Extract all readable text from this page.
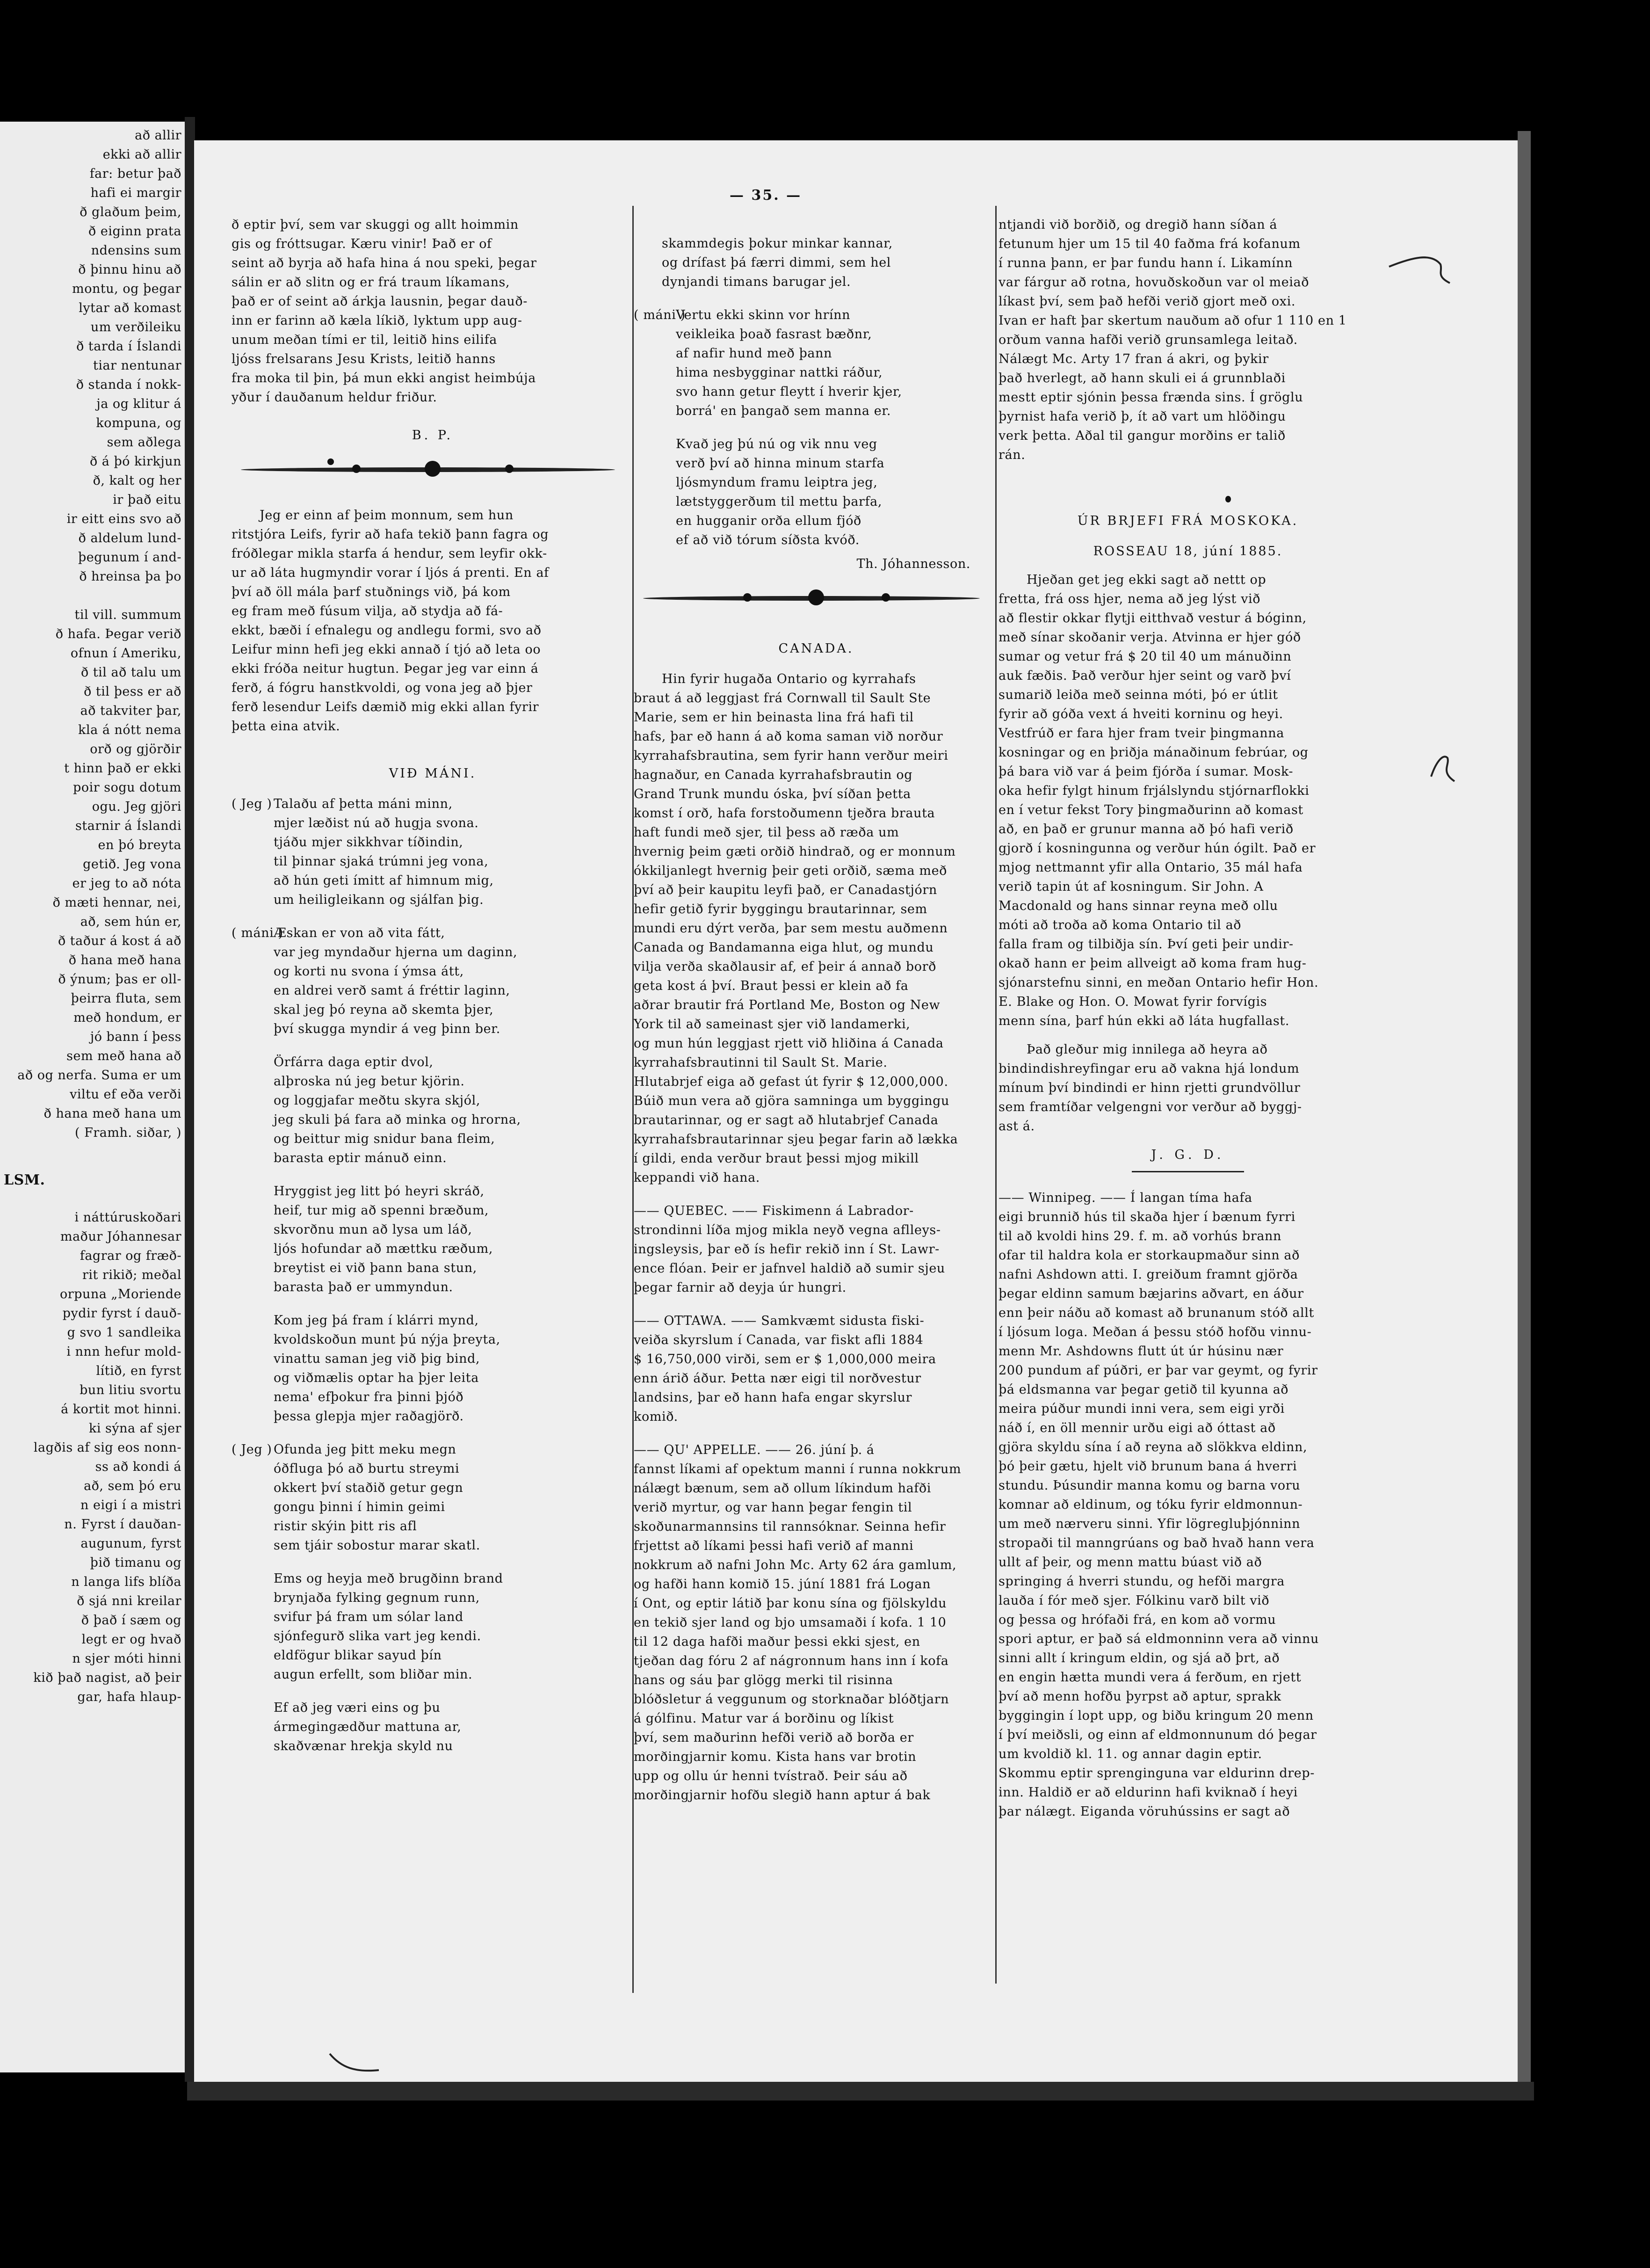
að allir
ekki að allir
far: betur það
hafi ei margir
ð glaðum þeim,
ð eiginn prata
ndensins sum
ð þinnu hinu að
montu, og þegar
lytar að komast
um verðileiku
ð tarda í Íslandi
tiar nentunar
ð standa í nokk-
ja og klitur á
kompuna, og
sem aðlega
ð á þó kirkjun
ð, kalt og her
ir það eitu
ir eitt eins svo að
ð aldelum lund-
þegunum í and-
ð hreinsa þa þo
til vill. summum
ð hafa. Þegar verið
ofnun í Ameriku,
ð til að talu um
ð til þess er að
að takviter þar,
kla á nótt nema
orð og gjörðir
t hinn það er ekki
poir sogu dotum
ogu. Jeg gjöri
starnir á Íslandi
en þó breyta
getið. Jeg vona
er jeg to að nóta
ð mæti hennar, nei,
að, sem hún er,
ð taður á kost á að
ð hana með hana
ð ýnum; þas er oll-
þeirra fluta, sem
með hondum, er
jó bann í þess
sem með hana að
að og nerfa. Suma er um
viltu ef eða verði
ð hana með hana um
( Framh. siðar, )
LSM.
i náttúruskoðari
maður Jóhannesar
fagrar og fræð-
rit rikið; meðal
orpuna „Moriende
pydir fyrst í dauð-
g svo 1 sandleika
i nnn hefur mold-
lítið, en fyrst
bun litiu svortu
á kortit mot hinni.
ki sýna af sjer
lagðis af sig eos nonn-
ss að kondi á
að, sem þó eru
n eigi í a mistri
n. Fyrst í dauðan-
augunum, fyrst
þið timanu og
n langa lifs blíða
ð sjá nni kreilar
ð það í sæm og
legt er og hvað
n sjer móti hinni
kið það nagist, að þeir
gar, hafa hlaup-
— 35. —
ð eptir því, sem var skuggi og allt hoimmin
gis og fróttsugar. Kæru vinir! Það er of
seint að byrja að hafa hina á nou speki, þegar
sálin er að slitn og er frá traum líkamans,
það er of seint að árkja lausnin, þegar dauð-
inn er farinn að kæla líkið, lyktum upp aug-
unum meðan tími er til, leitið hins eilifa
ljóss frelsarans Jesu Krists, leitið hanns
fra moka til þin, þá mun ekki angist heimbúja
yður í dauðanum heldur friður.
B. P.
Jeg er einn af þeim monnum, sem hun
ritstjóra Leifs, fyrir að hafa tekið þann fagra og
fróðlegar mikla starfa á hendur, sem leyfir okk-
ur að láta hugmyndir vorar í ljós á prenti. En af
því að öll mála þarf stuðnings við, þá kom
eg fram með fúsum vilja, að stydja að fá-
ekkt, bæði í efnalegu og andlegu formi, svo að
Leifur minn hefi jeg ekki annað í tjó að leta oo
ekki fróða neitur hugtun. Þegar jeg var einn á
ferð, á fógru hanstkvoldi, og vona jeg að þjer
ferð lesendur Leifs dæmið mig ekki allan fyrir
þetta eina atvik.
VIÐ MÁNI.
( Jeg ) Talaðu af þetta máni minn,
mjer læðist nú að hugja svona.
tjáðu mjer sikkhvar tíðindin,
til þinnar sjaká trúmni jeg vona,
að hún geti ímitt af himnum mig,
um heiligleikann og sjálfan þig.
( máni )Æskan er von að vita fátt,
var jeg myndaður hjerna um daginn,
og korti nu svona í ýmsa átt,
en aldrei verð samt á fréttir laginn,
skal jeg þó reyna að skemta þjer,
því skugga myndir á veg þinn ber.
Örfárra daga eptir dvol,
alþroska nú jeg betur kjörin.
og loggjafar meðtu skyra skjól,
jeg skuli þá fara að minka og hrorna,
og beittur mig snidur bana fleim,
barasta eptir mánuð einn.
Hryggist jeg litt þó heyri skráð,
heif, tur mig að spenni bræðum,
skvorðnu mun að lysa um láð,
ljós hofundar að mættku ræðum,
breytist ei við þann bana stun,
barasta það er ummyndun.
Kom jeg þá fram í klárri mynd,
kvoldskoðun munt þú nýja þreyta,
vinattu saman jeg við þig bind,
og viðmælis optar ha þjer leita
nema' efþokur fra þinni þjóð
þessa glepja mjer raðagjörð.
( Jeg ) Ofunda jeg þitt meku megn
óðfluga þó að burtu streymi
okkert því staðið getur gegn
gongu þinni í himin geimi
ristir skýin þitt ris afl
sem tjáir sobostur marar skatl.
Ems og heyja með brugðinn brand
brynjaða fylking gegnum runn,
svifur þá fram um sólar land
sjónfegurð slika vart jeg kendi.
eldfögur blikar sayud þín
augun erfellt, som bliðar min.
Ef að jeg væri eins og þu
ármegingædður mattuna ar,
skaðvænar hrekja skyld nu
skammdegis þokur minkar kannar,
og drífast þá færri dimmi, sem hel
dynjandi timans barugar jel.
( máni )Vertu ekki skinn vor hrínn
veikleika þoað fasrast bæðnr,
af nafir hund með þann
hima nesbygginar nattki ráður,
svo hann getur fleytt í hverir kjer,
borrá' en þangað sem manna er.
Kvað jeg þú nú og vik nnu veg
verð því að hinna minum starfa
ljósmyndum framu leiptra jeg,
lætstyggerðum til mettu þarfa,
en hugganir orða ellum fjóð
ef að við tórum síðsta kvóð.
Th. Jóhannesson.
CANADA.
Hin fyrir hugaða Ontario og kyrrahafs
braut á að leggjast frá Cornwall til Sault Ste
Marie, sem er hin beinasta lina frá hafi til
hafs, þar eð hann á að koma saman við norður
kyrrahafsbrautina, sem fyrir hann verður meiri
hagnaður, en Canada kyrrahafsbrautin og
Grand Trunk mundu óska, því síðan þetta
komst í orð, hafa forstoðumenn tjeðra brauta
haft fundi með sjer, til þess að ræða um
hvernig þeim gæti orðið hindrað, og er monnum
ókkiljanlegt hvernig þeir geti orðið, sæma með
því að þeir kaupitu leyfi það, er Canadastjórn
hefir getið fyrir byggingu brautarinnar, sem
mundi eru dýrt verða, þar sem mestu auðmenn
Canada og Bandamanna eiga hlut, og mundu
vilja verða skaðlausir af, ef þeir á annað borð
geta kost á því. Braut þessi er klein að fa
aðrar brautir frá Portland Me, Boston og New
York til að sameinast sjer við landamerki,
og mun hún leggjast rjett við hliðina á Canada
kyrrahafsbrautinni til Sault St. Marie.
Hlutabrjef eiga að gefast út fyrir $ 12,000,000.
Búið mun vera að gjöra samninga um byggingu
brautarinnar, og er sagt að hlutabrjef Canada
kyrrahafsbrautarinnar sjeu þegar farin að lækka
í gildi, enda verður braut þessi mjog mikill
keppandi við hana.
—— QUEBEC. —— Fiskimenn á Labrador-
strondinni líða mjog mikla neyð vegna aflleys-
ingsleysis, þar eð ís hefir rekið inn í St. Lawr-
ence flóan. Þeir er jafnvel haldið að sumir sjeu
þegar farnir að deyja úr hungri.
—— OTTAWA. —— Samkvæmt sidusta fiski-
veiða skyrslum í Canada, var fiskt afli 1884
$ 16,750,000 virði, sem er $ 1,000,000 meira
enn árið áður. Þetta nær eigi til norðvestur
landsins, þar eð hann hafa engar skyrslur
komið.
—— QU' APPELLE. —— 26. júní þ. á
fannst líkami af opektum manni í runna nokkrum
nálægt bænum, sem að ollum líkindum hafði
verið myrtur, og var hann þegar fengin til
skoðunarmannsins til rannsóknar. Seinna hefir
frjettst að líkami þessi hafi verið af manni
nokkrum að nafni John Mc. Arty 62 ára gamlum,
og hafði hann komið 15. júní 1881 frá Logan
í Ont, og eptir látið þar konu sína og fjölskyldu
en tekið sjer land og bjo umsamaði í kofa. 1 10
til 12 daga hafði maður þessi ekki sjest, en
tjeðan dag fóru 2 af nágronnum hans inn í kofa
hans og sáu þar glögg merki til risinna
blóðsletur á veggunum og storknaðar blóðtjarn
á gólfinu. Matur var á borðinu og líkist
því, sem maðurinn hefði verið að borða er
morðingjarnir komu. Kista hans var brotin
upp og ollu úr henni tvístrað. Þeir sáu að
morðingjarnir hofðu slegið hann aptur á bak
ntjandi við borðið, og dregið hann síðan á
fetunum hjer um 15 til 40 faðma frá kofanum
í runna þann, er þar fundu hann í. Likamínn
var fárgur að rotna, hovuðskoðun var ol meiað
líkast því, sem það hefði verið gjort með oxi.
Ivan er haft þar skertum nauðum að ofur 1 110 en 1
orðum vanna hafði verið grunsamlega leitað.
Nálægt Mc. Arty 17 fran á akri, og þykir
það hverlegt, að hann skuli ei á grunnblaði
mestt eptir sjónin þessa frænda sins. Í gröglu
þyrnist hafa verið þ, ít að vart um hlöðingu
verk þetta. Aðal til gangur morðins er talið
rán.
ÚR BRJEFI FRÁ MOSKOKA.
ROSSEAU 18, júní 1885.
Hjeðan get jeg ekki sagt að nettt op
fretta, frá oss hjer, nema að jeg lýst við
að flestir okkar flytji eitthvað vestur á bóginn,
með sínar skoðanir verja. Atvinna er hjer góð
sumar og vetur frá $ 20 til 40 um mánuðinn
auk fæðis. Það verður hjer seint og varð því
sumarið leiða með seinna móti, þó er útlit
fyrir að góða vext á hveiti korninu og heyi.
Vestfrúð er fara hjer fram tveir þingmanna
kosningar og en þriðja mánaðinum febrúar, og
þá bara við var á þeim fjórða í sumar. Mosk-
oka hefir fylgt hinum frjálslyndu stjórnarflokki
en í vetur fekst Tory þingmaðurinn að komast
að, en það er grunur manna að þó hafi verið
gjorð í kosningunna og verður hún ógilt. Það er
mjog nettmannt yfir alla Ontario, 35 mál hafa
verið tapin út af kosningum. Sir John. A
Macdonald og hans sinnar reyna með ollu
móti að troða að koma Ontario til að
falla fram og tilbiðja sín. Því geti þeir undir-
okað hann er þeim allveigt að koma fram hug-
sjónarstefnu sinni, en meðan Ontario hefir Hon.
E. Blake og Hon. O. Mowat fyrir forvígis
menn sína, þarf hún ekki að láta hugfallast.
Það gleður mig innilega að heyra að
bindindishreyfingar eru að vakna hjá londum
mínum því bindindi er hinn rjetti grundvöllur
sem framtíðar velgengni vor verður að byggj-
ast á.
J. G. D.
—— Winnipeg. —— Í langan tíma hafa
eigi brunnið hús til skaða hjer í bænum fyrri
til að kvoldi hins 29. f. m. að vorhús brann
ofar til haldra kola er storkaupmaður sinn að
nafni Ashdown atti. I. greiðum framnt gjörða
þegar eldinn samum bæjarins aðvart, en áður
enn þeir náðu að komast að brunanum stóð allt
í ljósum loga. Meðan á þessu stóð hofðu vinnu-
menn Mr. Ashdowns flutt út úr húsinu nær
200 pundum af púðri, er þar var geymt, og fyrir
þá eldsmanna var þegar getið til kyunna að
meira púður mundi inni vera, sem eigi yrði
náð í, en öll mennir urðu eigi að óttast að
gjöra skyldu sína í að reyna að slökkva eldinn,
þó þeir gætu, hjelt við brunum bana á hverri
stundu. Þúsundir manna komu og barna voru
komnar að eldinum, og tóku fyrir eldmonnun-
um með nærveru sinni. Yfir lögregluþjónninn
stropaði til manngrúans og bað hvað hann vera
ullt af þeir, og menn mattu búast við að
springing á hverri stundu, og hefði margra
lauða í fór með sjer. Fólkinu varð bilt við
og þessa og hrófaði frá, en kom að vormu
spori aptur, er það sá eldmonninn vera að vinnu
sinni allt í kringum eldin, og sjá að þrt, að
en engin hætta mundi vera á ferðum, en rjett
því að menn hofðu þyrpst að aptur, sprakk
byggingin í lopt upp, og biðu kringum 20 menn
í því meiðsli, og einn af eldmonnunum dó þegar
um kvoldið kl. 11. og annar dagin eptir.
Skommu eptir sprenginguna var eldurinn drep-
inn. Haldið er að eldurinn hafi kviknað í heyi
þar nálægt. Eiganda vöruhússins er sagt að
